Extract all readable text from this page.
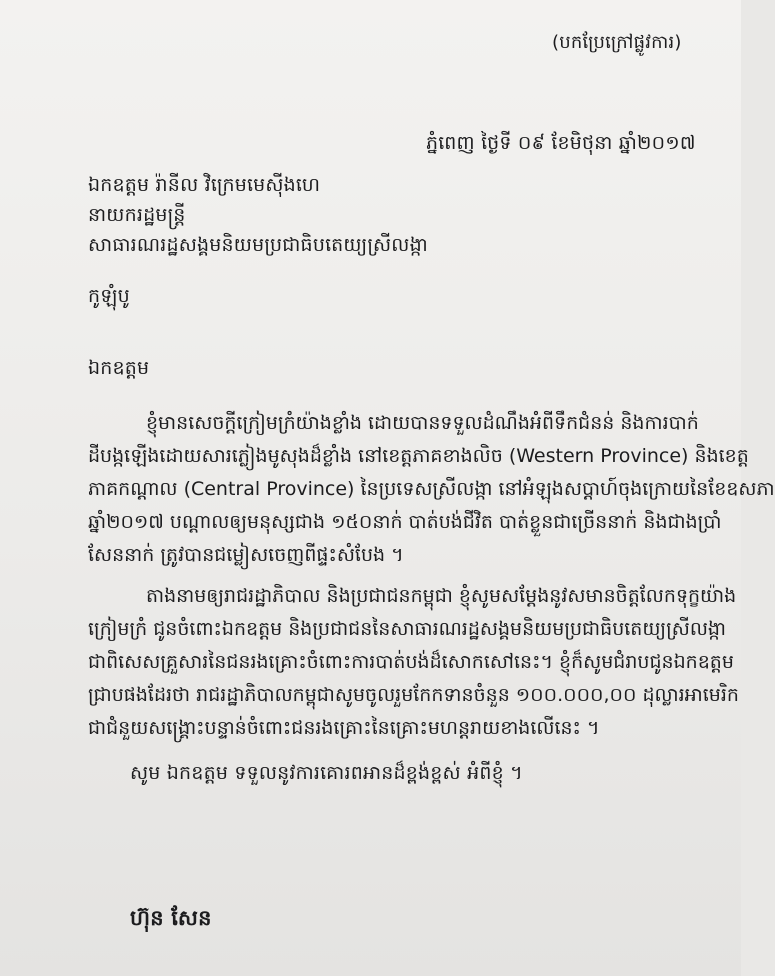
(បកប្រែក្រៅផ្លូវការ)
ភ្នំពេញ ថ្ងៃទី ០៩ ខែមិថុនា ឆ្នាំ២០១៧
ឯកឧត្តម រ៉ានីល វិក្រេមមេស៊ីងហេ
នាយករដ្ឋមន្ត្រី
សាធារណរដ្ឋសង្គមនិយមប្រជាធិបតេយ្យស្រីលង្កា
កូឡុំបូ
ឯកឧត្តម
ខ្ញុំមានសេចក្តីក្រៀមក្រំយ៉ាងខ្លាំង ដោយបានទទួលដំណឹងអំពីទឹកជំនន់ និងការបាក់
ដីបង្កឡើងដោយសារភ្លៀងមូសុងដ៏ខ្លាំង នៅខេត្តភាគខាងលិច (Western Province) និងខេត្ត
ភាគកណ្តាល (Central Province) នៃប្រទេសស្រីលង្កា នៅអំឡុងសប្តាហ៍ចុងក្រោយនៃខែឧសភា
ឆ្នាំ២០១៧ បណ្តាលឲ្យមនុស្សជាង ១៥០នាក់ បាត់បង់ជីវិត បាត់ខ្លួនជាច្រើននាក់ និងជាងប្រាំ
សែននាក់ ត្រូវបានជម្លៀសចេញពីផ្ទះសំបែង ។
តាងនាមឲ្យរាជរដ្ឋាភិបាល និងប្រជាជនកម្ពុជា ខ្ញុំសូមសម្តែងនូវសមានចិត្តលែកទុក្ខយ៉ាង
ក្រៀមក្រំ ជូនចំពោះឯកឧត្តម និងប្រជាជននៃសាធារណរដ្ឋសង្គមនិយមប្រជាធិបតេយ្យស្រីលង្កា
ជាពិសេសគ្រួសារនៃជនរងគ្រោះចំពោះការបាត់បង់ដ៏សោកសៅនេះ។ ខ្ញុំក៏សូមជំរាបជូនឯកឧត្តម
ជ្រាបផងដែរថា រាជរដ្ឋាភិបាលកម្ពុជាសូមចូលរួមកែកទានចំនួន ១០០.០០០,០០ ដុល្លារអាមេរិក
ជាជំនួយសង្គ្រោះបន្ទាន់ចំពោះជនរងគ្រោះនៃគ្រោះមហន្តរាយខាងលើនេះ ។
សូម ឯកឧត្តម ទទួលនូវការគោរពអានដ៏ខ្ពង់ខ្ពស់ អំពីខ្ញុំ ។
ហ៊ុន សែន
